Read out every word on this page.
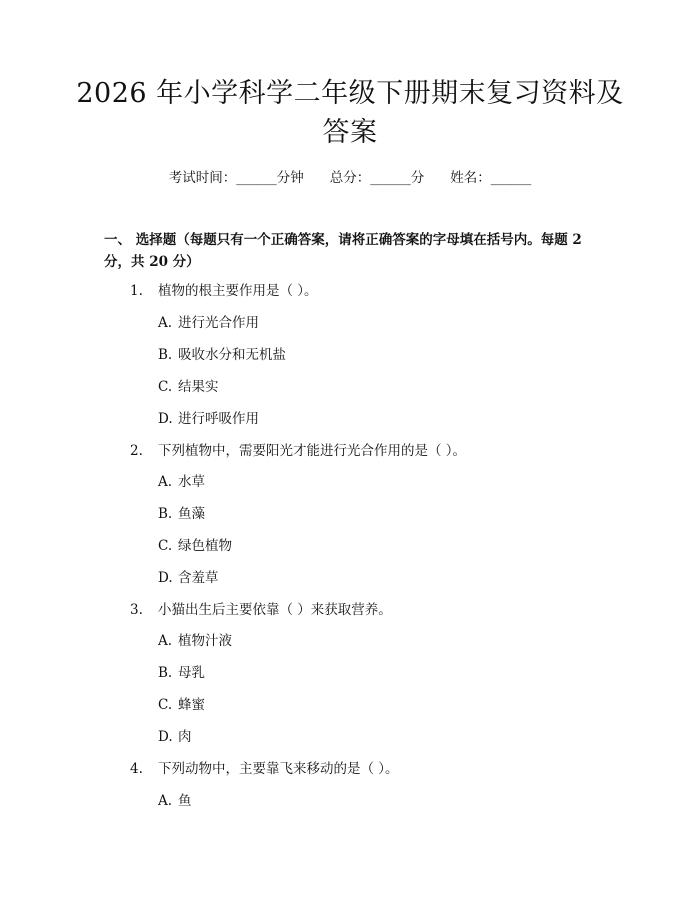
2026 年小学科学二年级下册期末复习资料及
答案
考试时间：______分钟 总分：______分 姓名：______
一、 选择题（每题只有一个正确答案，请将正确答案的字母填在括号内。每题 2 分，共 20 分）
1. 植物的根主要作用是（ ）。
A. 进行光合作用
B. 吸收水分和无机盐
C. 结果实
D. 进行呼吸作用
2. 下列植物中，需要阳光才能进行光合作用的是（ ）。
A. 水草
B. 鱼藻
C. 绿色植物
D. 含羞草
3. 小猫出生后主要依靠（ ）来获取营养。
A. 植物汁液
B. 母乳
C. 蜂蜜
D. 肉
4. 下列动物中，主要靠飞来移动的是（ ）。
A. 鱼
